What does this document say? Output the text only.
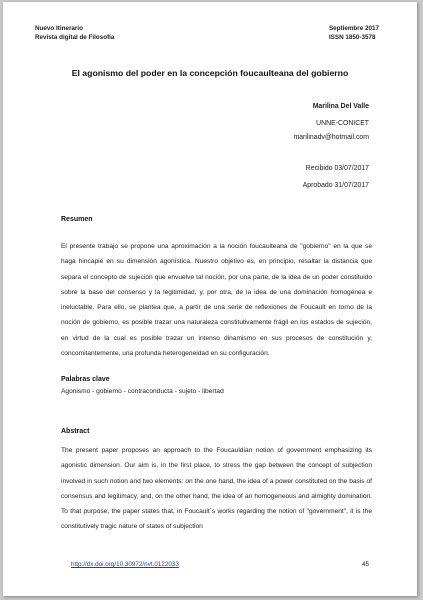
Nuevo Itinerario
Revista digital de Filosofía
Septiembre 2017
ISSN 1850-3578
El agonismo del poder en la concepción foucaulteana del gobierno
Marilina Del Valle
UNNE-CONICET
marilinadv@hotmail.com
Recibido 03/07/2017
Aprobado 31/07/2017
Resumen

El presente trabajo se propone una aproximación a la noción foucaulteana de "gobierno" en la que se haga hincapié en su dimensión agonística. Nuestro objetivo es, en principio, resaltar la distancia que separa el concepto de sujeción que envuelve tal noción, por una parte, de la idea de un poder constituido sobre la base del consenso y la legitimidad, y, por otra, de la idea de una dominación homogénea e ineluctable. Para ello, se plantea que, a partir de una serie de reflexiones de Foucault en torno de la noción de gobierno, es posible trazar una naturaleza constitutivamente frágil en los estados de sujeción, en virtud de la cual es posible trazar un intenso dinamismo en sus procesos de constitución y, concomitantemente, una profunda heterogeneidad en su configuración.

Palabras clave

Agonismo - gobierno - contraconducta - sujeto - libertad

Abstract

The present paper proposes an approach to the Foucauldian notion of government emphasizing its agonistic dimension. Our aim is, in the first place, to stress the gap between the concept of subjection involved in such notion and two elements: on the one hand, the idea of a power constituted on the basis of consensus and legitimacy, and, on the other hand, the idea of an homogeneous and almighty domination. To that purpose, the paper states that, in Foucault´s works regarding the notion of "government", it is the constitutively tragic nature of states of subjection

http://dx.doi.org/10.30972/nvt.0122033	45
